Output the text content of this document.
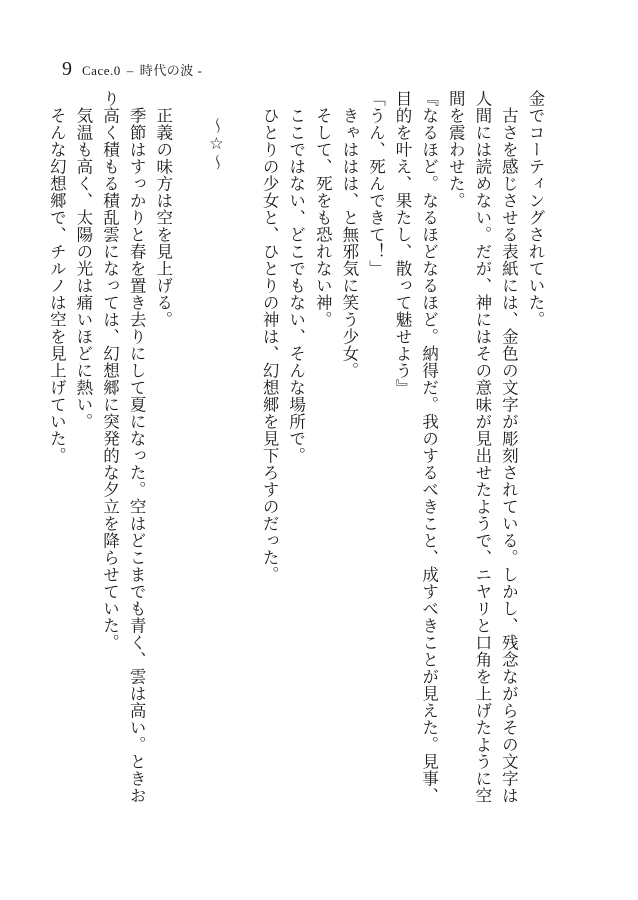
9 Cace.0 – 時代の波 -

金でコーティングされていた。

　古さを感じさせる表紙には、金色の文字が彫刻されている。しかし、残念ながらその文字は

人間には読めない。だが、神にはその意味が見出せたようで、ニヤリと口角を上げたように空

間を震わせた。

『なるほど。なるほどなるほど。納得だ。我のするべきこと、成すべきことが見えた。見事、

目的を叶え、果たし、散って魅せよう』

「うん、死んできて！」

　きゃははは、と無邪気に笑う少女。

　そして、死をも恐れない神。

　ここではない、どこでもない、そんな場所で。

　ひとりの少女と、ひとりの神は、幻想郷を見下ろすのだった。

　～☆～

　正義の味方は空を見上げる。

　季節はすっかりと春を置き去りにして夏になった。空はどこまでも青く、雲は高い。ときお

り高く積もる積乱雲になっては、幻想郷に突発的な夕立を降らせていた。

　気温も高く、太陽の光は痛いほどに熱い。

　そんな幻想郷で、チルノは空を見上げていた。
